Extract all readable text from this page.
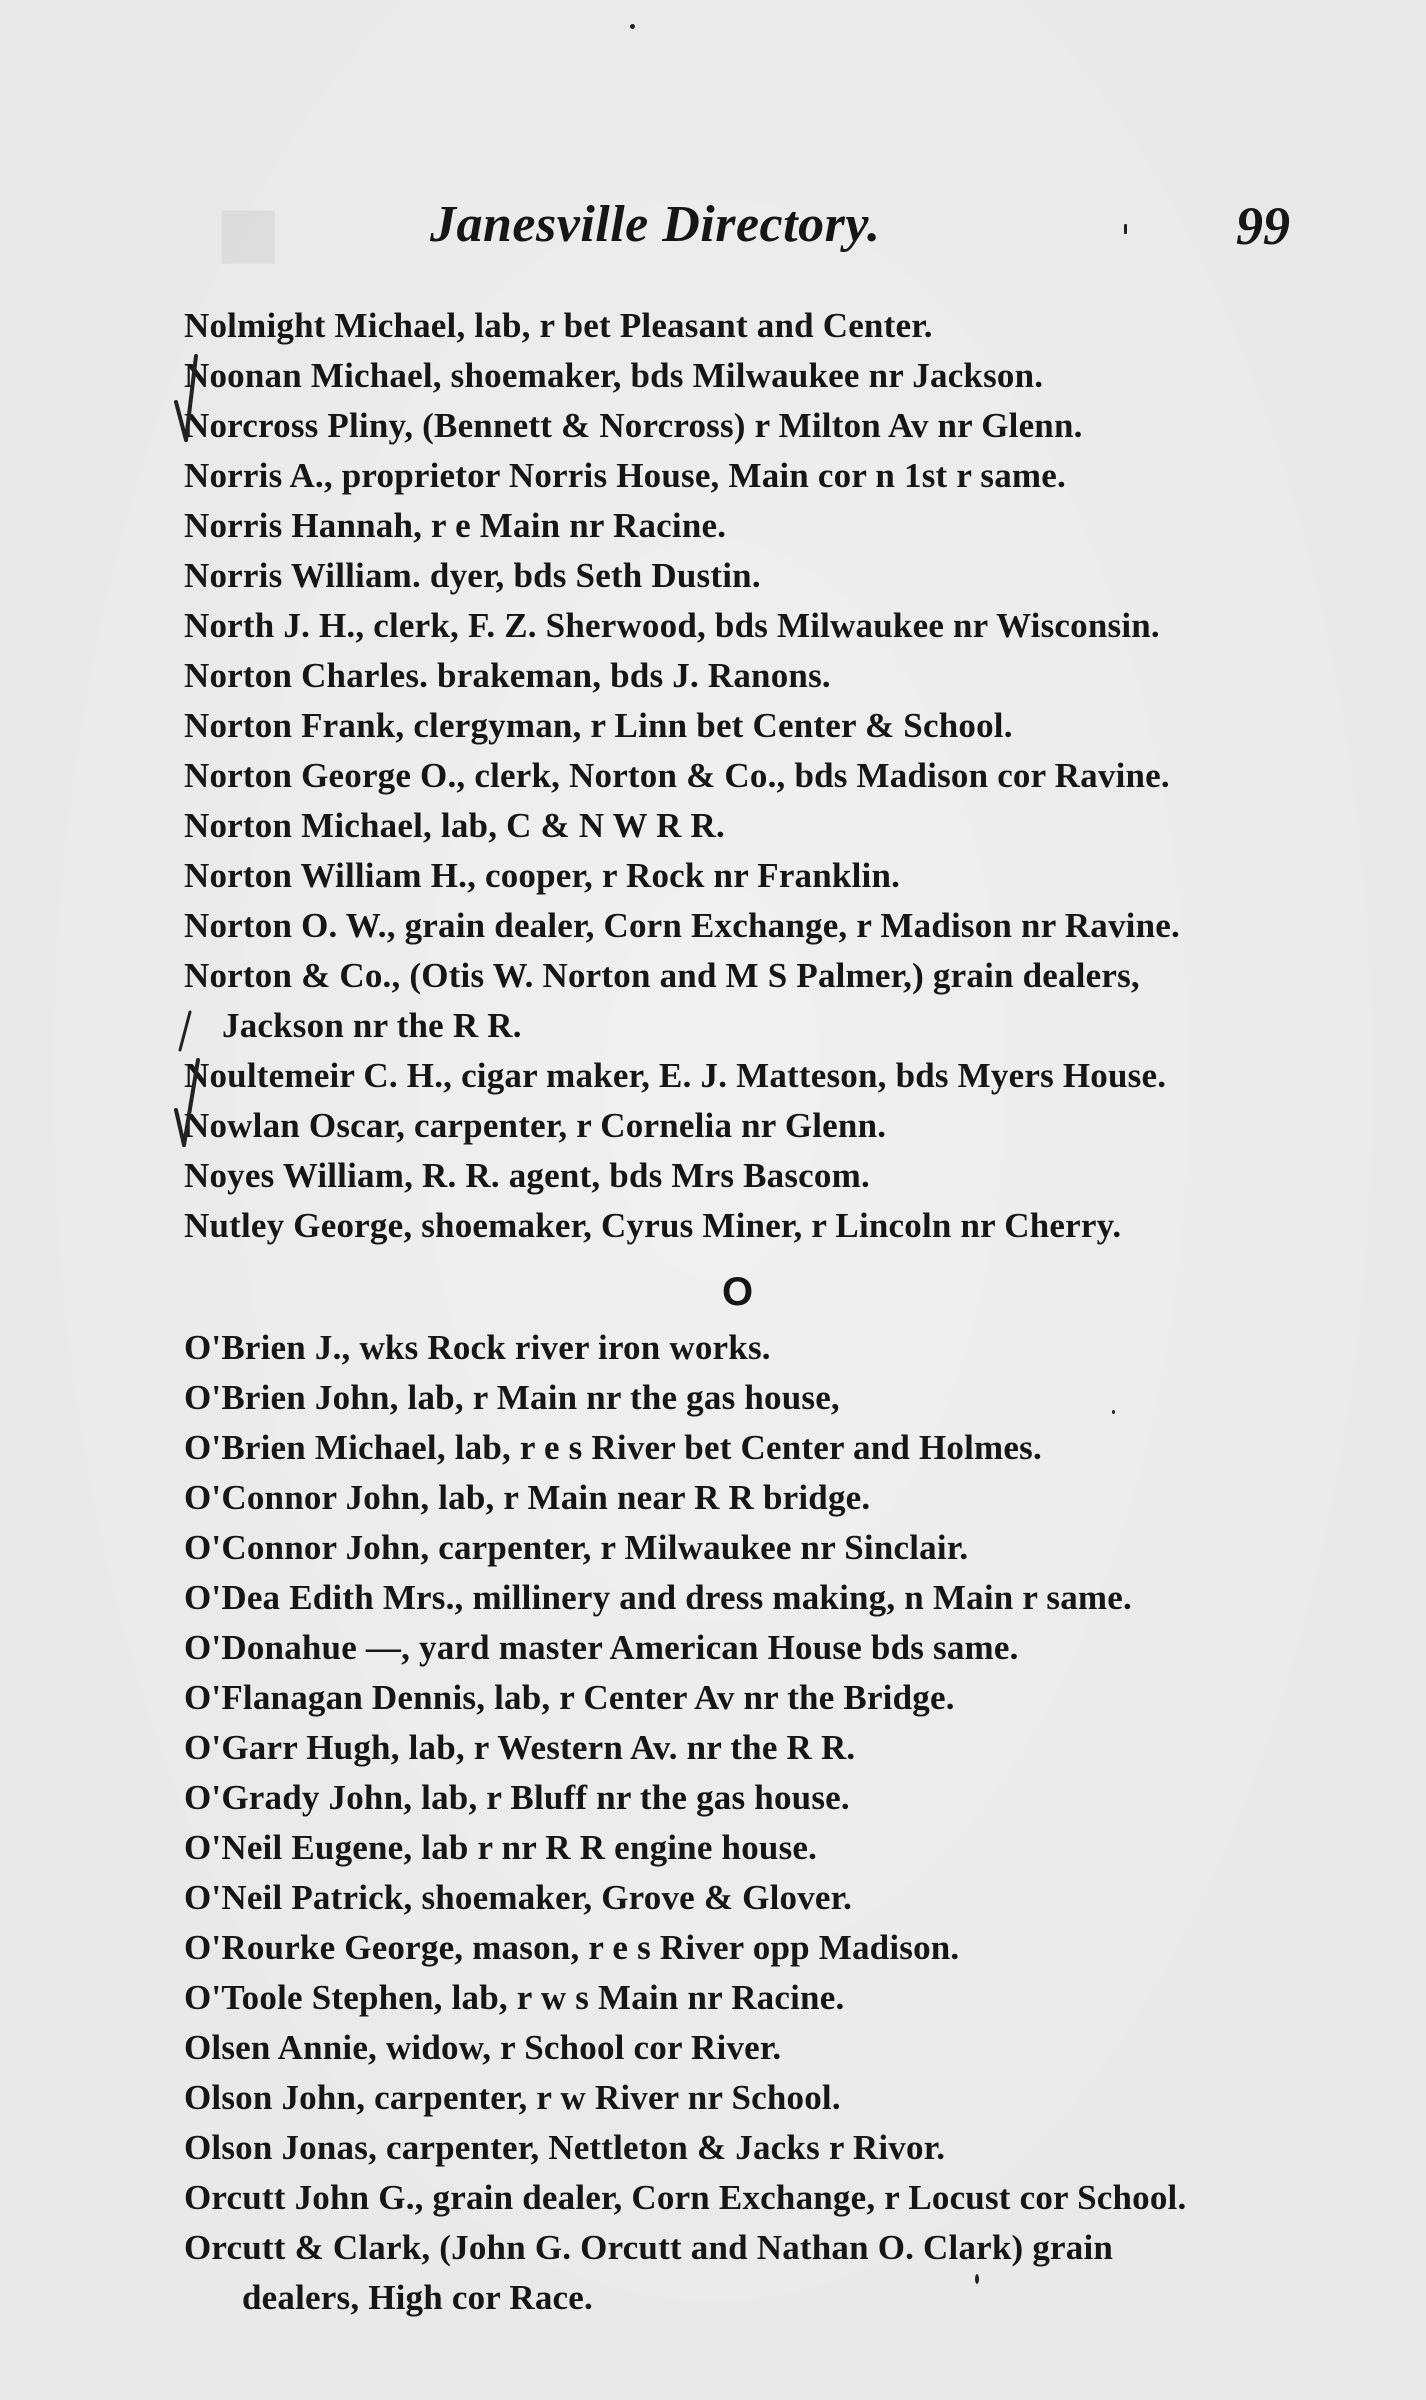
■	Janesville Directory.	99
Nolmight Michael, lab, r bet Pleasant and Center.
Noonan Michael, shoemaker, bds Milwaukee nr Jackson.
Norcross Pliny, (Bennett & Norcross) r Milton Av nr Glenn.
Norris A., proprietor Norris House, Main cor n 1st r same.
Norris Hannah, r e Main nr Racine.
Norris William. dyer, bds Seth Dustin.
North J. H., clerk, F. Z. Sherwood, bds Milwaukee nr Wisconsin.
Norton Charles. brakeman, bds J. Ranons.
Norton Frank, clergyman, r Linn bet Center & School.
Norton George O., clerk, Norton & Co., bds Madison cor Ravine.
Norton Michael, lab, C & N W R R.
Norton William H., cooper, r Rock nr Franklin.
Norton O. W., grain dealer, Corn Exchange, r Madison nr Ravine.
Norton & Co., (Otis W. Norton and M S Palmer,) grain dealers,
Jackson nr the R R.
Noultemeir C. H., cigar maker, E. J. Matteson, bds Myers House.
Nowlan Oscar, carpenter, r Cornelia nr Glenn.
Noyes William, R. R. agent, bds Mrs Bascom.
Nutley George, shoemaker, Cyrus Miner, r Lincoln nr Cherry.
O
O'Brien J., wks Rock river iron works.
O'Brien John, lab, r Main nr the gas house,
O'Brien Michael, lab, r e s River bet Center and Holmes.
O'Connor John, lab, r Main near R R bridge.
O'Connor John, carpenter, r Milwaukee nr Sinclair.
O'Dea Edith Mrs., millinery and dress making, n Main r same.
O'Donahue —, yard master American House bds same.
O'Flanagan Dennis, lab, r Center Av nr the Bridge.
O'Garr Hugh, lab, r Western Av. nr the R R.
O'Grady John, lab, r Bluff nr the gas house.
O'Neil Eugene, lab r nr R R engine house.
O'Neil Patrick, shoemaker, Grove & Glover.
O'Rourke George, mason, r e s River opp Madison.
O'Toole Stephen, lab, r w s Main nr Racine.
Olsen Annie, widow, r School cor River.
Olson John, carpenter, r w River nr School.
Olson Jonas, carpenter, Nettleton & Jacks r Rivor.
Orcutt John G., grain dealer, Corn Exchange, r Locust cor School.
Orcutt & Clark, (John G. Orcutt and Nathan O. Clark) grain
dealers, High cor Race.
